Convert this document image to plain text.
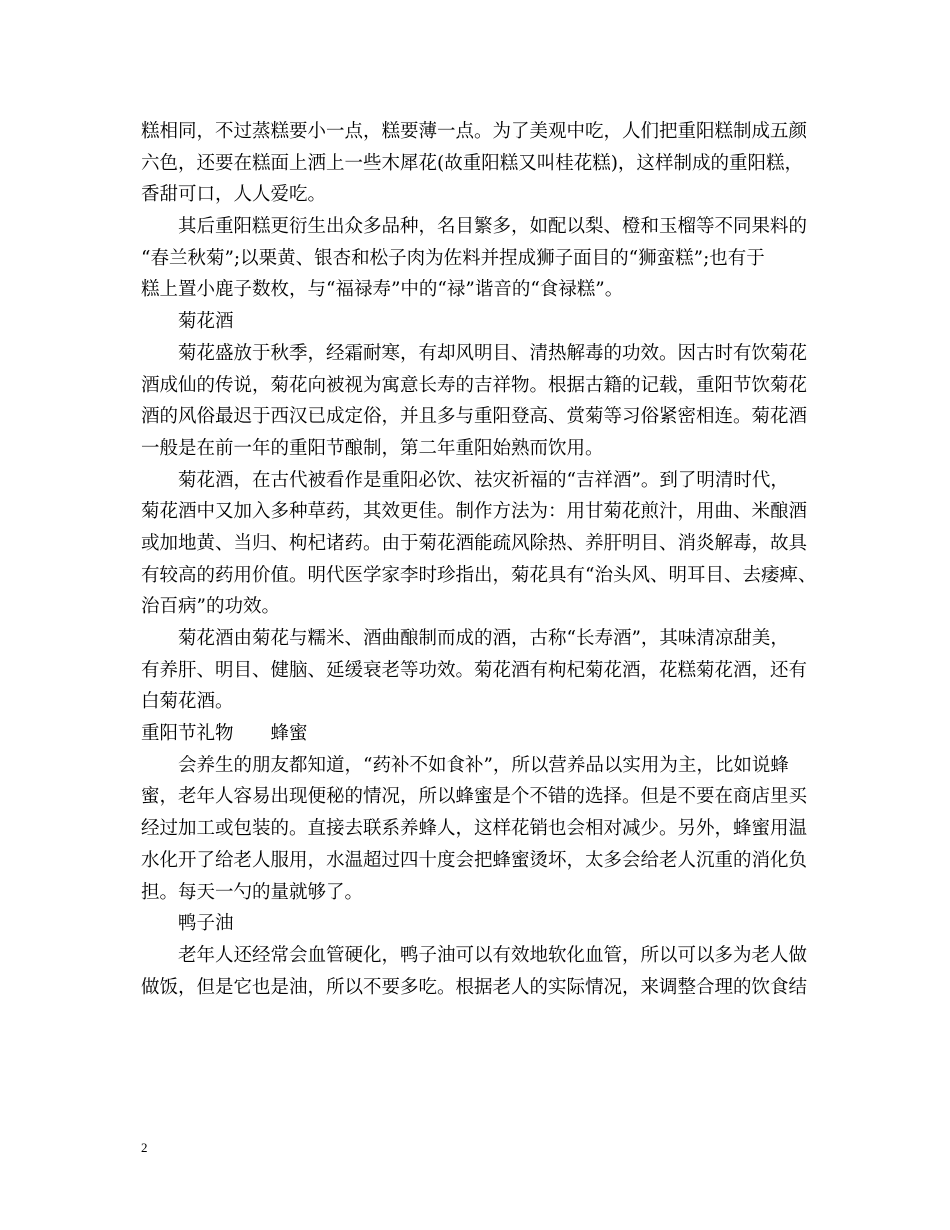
糕相同，不过蒸糕要小一点，糕要薄一点。为了美观中吃，人们把重阳糕制成五颜
六色，还要在糕面上洒上一些木犀花(故重阳糕又叫桂花糕)，这样制成的重阳糕，
香甜可口，人人爱吃。
其后重阳糕更衍生出众多品种，名目繁多，如配以梨、橙和玉榴等不同果料的
“春兰秋菊”;以栗黄、银杏和松子肉为佐料并捏成狮子面目的“狮蛮糕”;也有于
糕上置小鹿子数枚，与“福禄寿”中的“禄”谐音的“食禄糕”。
菊花酒
菊花盛放于秋季，经霜耐寒，有却风明目、清热解毒的功效。因古时有饮菊花
酒成仙的传说，菊花向被视为寓意长寿的吉祥物。根据古籍的记载，重阳节饮菊花
酒的风俗最迟于西汉已成定俗，并且多与重阳登高、赏菊等习俗紧密相连。菊花酒
一般是在前一年的重阳节酿制，第二年重阳始熟而饮用。
菊花酒，在古代被看作是重阳必饮、祛灾祈福的“吉祥酒”。到了明清时代，
菊花酒中又加入多种草药，其效更佳。制作方法为：用甘菊花煎汁，用曲、米酿酒
或加地黄、当归、枸杞诸药。由于菊花酒能疏风除热、养肝明目、消炎解毒，故具
有较高的药用价值。明代医学家李时珍指出，菊花具有“治头风、明耳目、去痿痺、
治百病”的功效。
菊花酒由菊花与糯米、酒曲酿制而成的酒，古称“长寿酒”，其味清凉甜美，
有养肝、明目、健脑、延缓衰老等功效。菊花酒有枸杞菊花酒，花糕菊花酒，还有
白菊花酒。
重阳节礼物　　蜂蜜
会养生的朋友都知道，“药补不如食补”，所以营养品以实用为主，比如说蜂
蜜，老年人容易出现便秘的情况，所以蜂蜜是个不错的选择。但是不要在商店里买
经过加工或包装的。直接去联系养蜂人，这样花销也会相对减少。另外，蜂蜜用温
水化开了给老人服用，水温超过四十度会把蜂蜜烫坏，太多会给老人沉重的消化负
担。每天一勺的量就够了。
鸭子油
老年人还经常会血管硬化，鸭子油可以有效地软化血管，所以可以多为老人做
做饭，但是它也是油，所以不要多吃。根据老人的实际情况，来调整合理的饮食结
2
